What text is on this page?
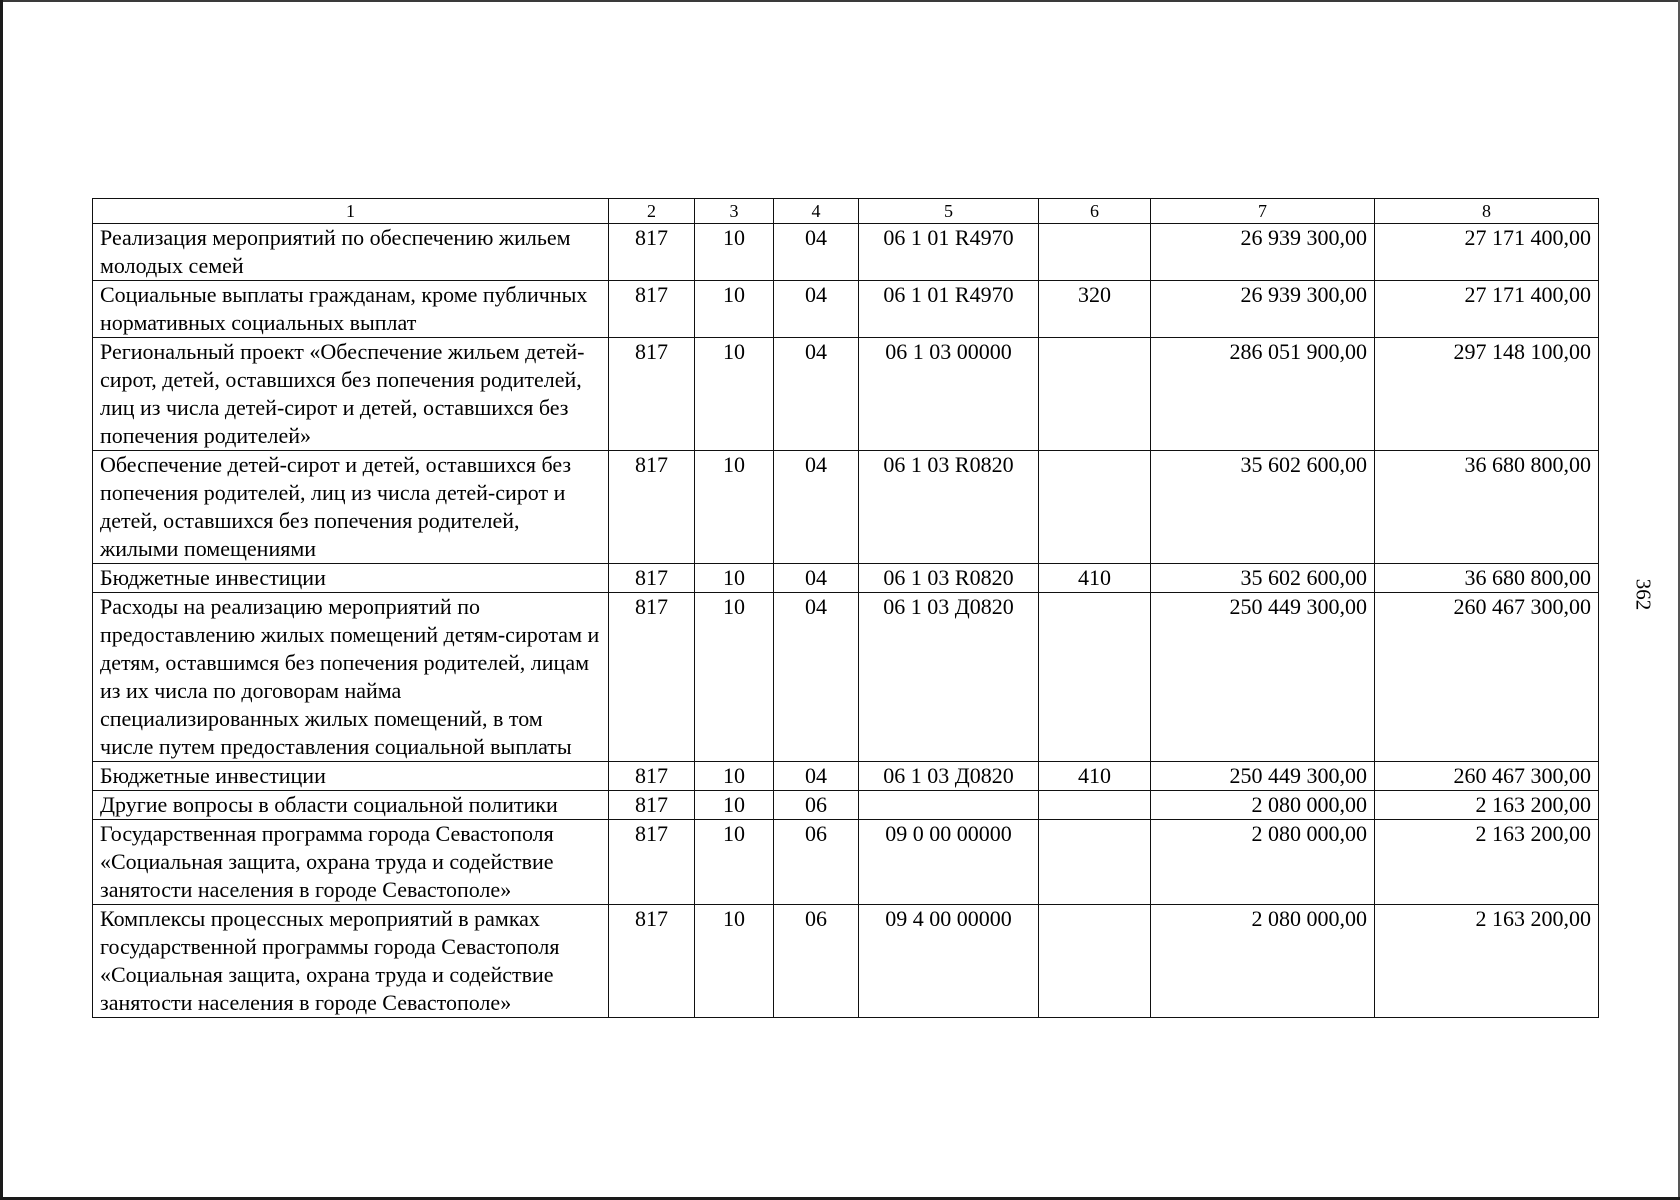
362
1	2	3	4	5	6	7	8
Реализация мероприятий по обеспечению жильем молодых семей	817	10	04	06 1 01 R4970		26 939 300,00	27 171 400,00
Социальные выплаты гражданам, кроме публичных нормативных социальных выплат	817	10	04	06 1 01 R4970	320	26 939 300,00	27 171 400,00
Региональный проект «Обеспечение жильем детей-сирот, детей, оставшихся без попечения родителей, лиц из числа детей-сирот и детей, оставшихся без попечения родителей»	817	10	04	06 1 03 00000		286 051 900,00	297 148 100,00
Обеспечение детей-сирот и детей, оставшихся без попечения родителей, лиц из числа детей-сирот и детей, оставшихся без попечения родителей, жилыми помещениями	817	10	04	06 1 03 R0820		35 602 600,00	36 680 800,00
Бюджетные инвестиции	817	10	04	06 1 03 R0820	410	35 602 600,00	36 680 800,00
Расходы на реализацию мероприятий по предоставлению жилых помещений детям-сиротам и детям, оставшимся без попечения родителей, лицам из их числа по договорам найма специализированных жилых помещений, в том числе путем предоставления социальной выплаты	817	10	04	06 1 03 Д0820		250 449 300,00	260 467 300,00
Бюджетные инвестиции	817	10	04	06 1 03 Д0820	410	250 449 300,00	260 467 300,00
Другие вопросы в области социальной политики	817	10	06			2 080 000,00	2 163 200,00
Государственная программа города Севастополя «Социальная защита, охрана труда и содействие занятости населения в городе Севастополе»	817	10	06	09 0 00 00000		2 080 000,00	2 163 200,00
Комплексы процессных мероприятий в рамках государственной программы города Севастополя «Социальная защита, охрана труда и содействие занятости населения в городе Севастополе»	817	10	06	09 4 00 00000		2 080 000,00	2 163 200,00
